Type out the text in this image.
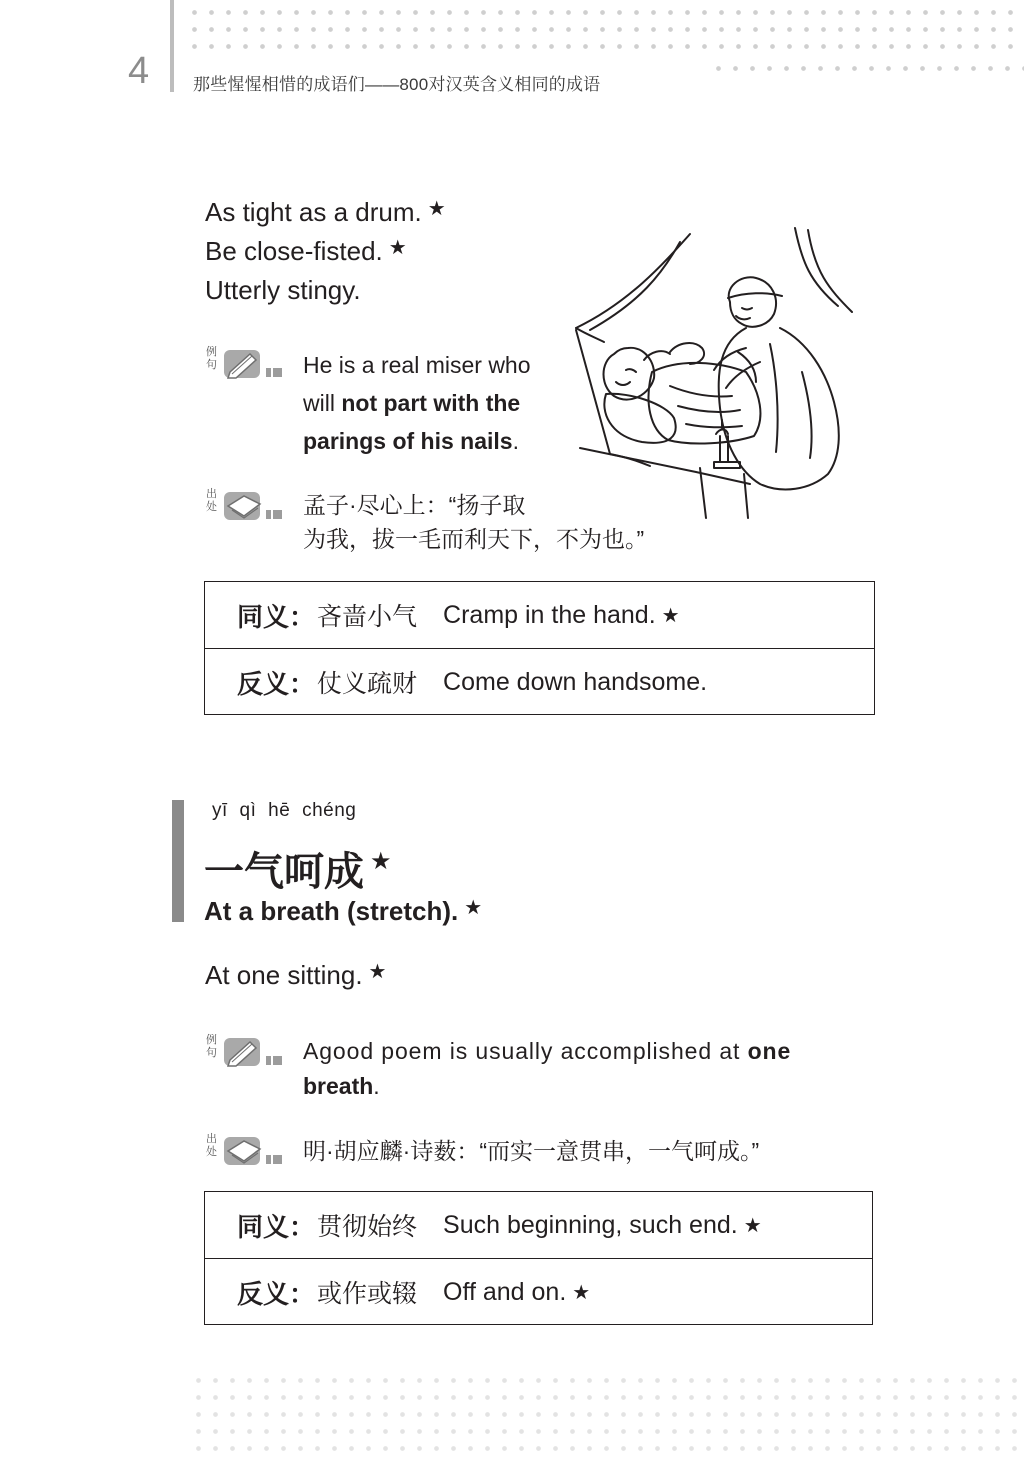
4	那些惺惺相惜的成语们——800对汉英含义相同的成语
As tight as a drum. ★
Be close-fisted. ★
Utterly stingy.
例句	He is a real miser who
will not part with the
parings of his nails.
出处	孟子·尽心上：“扬子取
为我，拔一毛而利天下，不为也。”
同义： 吝啬小气 Cramp in the hand. ★
反义： 仗义疏财 Come down handsome.
yī qì hē chéng
一气呵成 ★
At a breath (stretch). ★
At one sitting. ★
例句	Agood poem is usually accomplished at one
breath.
出处	明·胡应麟·诗薮：“而实一意贯串，一气呵成。”
同义： 贯彻始终 Such beginning, such end. ★
反义： 或作或辍 Off and on. ★
